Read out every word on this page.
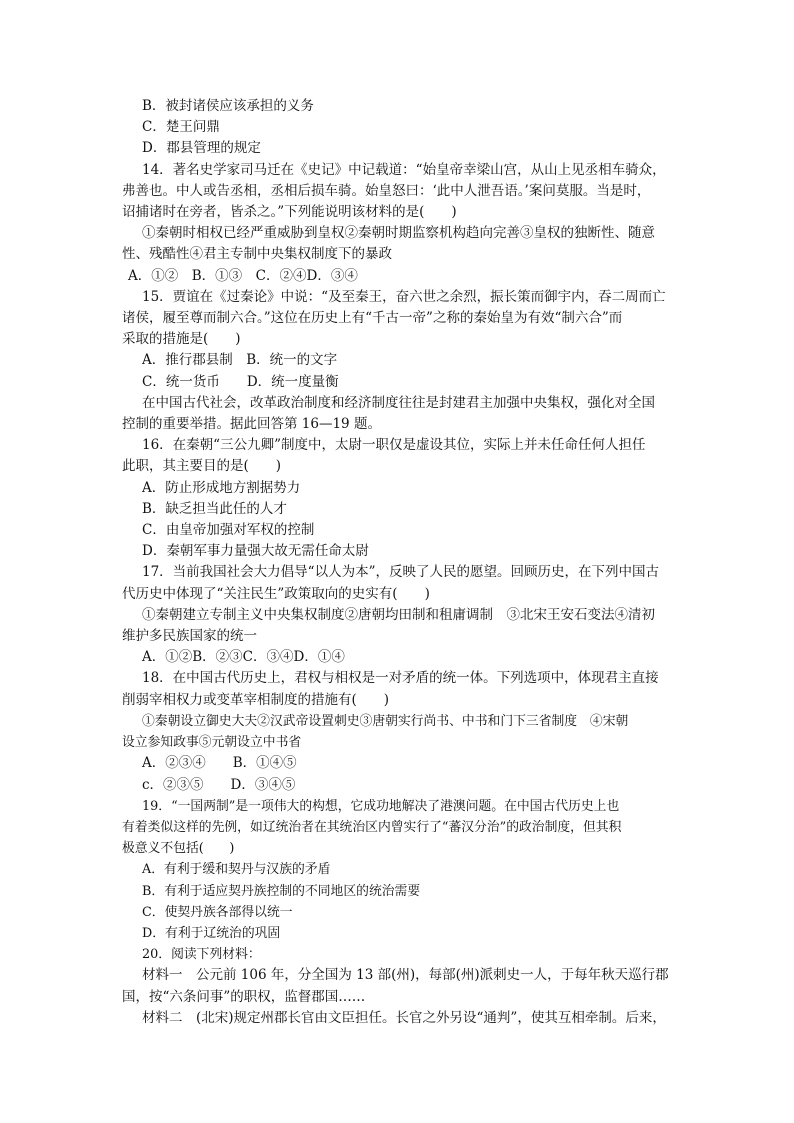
B．被封诸侯应该承担的义务
C．楚王问鼎
D．郡县管理的规定
14．著名史学家司马迁在《史记》中记载道：“始皇帝幸梁山宫，从山上见丞相车骑众，
弗善也。中人或告丞相，丞相后损车骑。始皇怒曰：‘此中人泄吾语。’案问莫服。当是时，
诏捕诸时在旁者，皆杀之。”下列能说明该材料的是(　　)
①秦朝时相权已经严重威胁到皇权②秦朝时期监察机构趋向完善③皇权的独断性、随意
性、残酷性④君主专制中央集权制度下的暴政
A．①②　B．①③　C．②④D．③④
15．贾谊在《过秦论》中说：“及至秦王，奋六世之余烈，振长策而御宇内，吞二周而亡
诸侯，履至尊而制六合。”这位在历史上有“千古一帝”之称的秦始皇为有效“制六合”而
采取的措施是(　　)
A．推行郡县制　B．统一的文字
C．统一货币　　D．统一度量衡
在中国古代社会，改革政治制度和经济制度往往是封建君主加强中央集权，强化对全国
控制的重要举措。据此回答第 16—19 题。
16．在秦朝“三公九卿”制度中，太尉一职仅是虚设其位，实际上并未任命任何人担任
此职，其主要目的是(　　)
A．防止形成地方割据势力
B．缺乏担当此任的人才
C．由皇帝加强对军权的控制
D．秦朝军事力量强大故无需任命太尉
17．当前我国社会大力倡导“以人为本”，反映了人民的愿望。回顾历史，在下列中国古
代历史中体现了“关注民生”政策取向的史实有(　　)
①秦朝建立专制主义中央集权制度②唐朝均田制和租庸调制　③北宋王安石变法④清初
维护多民族国家的统一
A．①②B．②③C．③④D．①④
18．在中国古代历史上，君权与相权是一对矛盾的统一体。下列选项中，体现君主直接
削弱宰相权力或变革宰相制度的措施有(　　)
①秦朝设立御史大夫②汉武帝设置刺史③唐朝实行尚书、中书和门下三省制度　④宋朝
设立参知政事⑤元朝设立中书省
A．②③④　　B．①④⑤
c．②③⑤　　D．③④⑤
19．“一国两制”是一项伟大的构想，它成功地解决了港澳问题。在中国古代历史上也
有着类似这样的先例，如辽统治者在其统治区内曾实行了“蕃汉分治”的政治制度，但其积
极意义不包括(　　)
A．有利于缓和契丹与汉族的矛盾
B．有利于适应契丹族控制的不同地区的统治需要
C．使契丹族各部得以统一
D．有利于辽统治的巩固
20．阅读下列材料：
材料一　公元前 106 年，分全国为 13 部(州)，每部(州)派刺史一人，于每年秋天巡行郡
国，按“六条问事”的职权，监督郡国……
材料二　(北宋)规定州郡长官由文臣担任。长官之外另设“通判”，使其互相牵制。后来，
